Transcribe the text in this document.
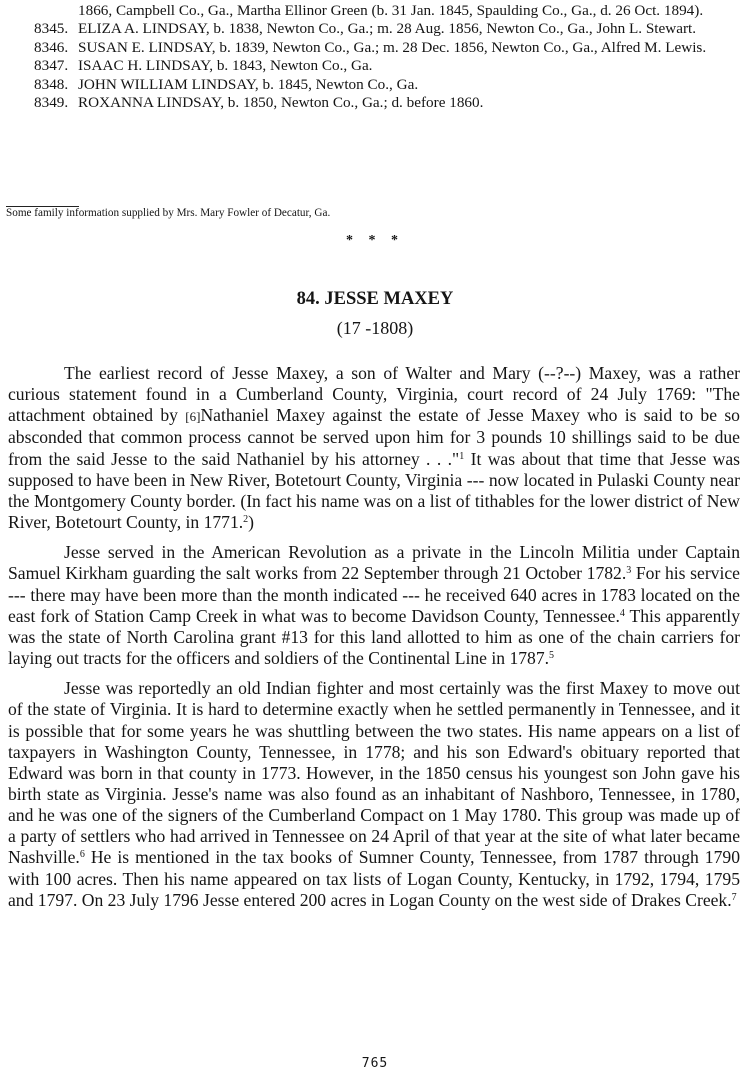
1866, Campbell Co., Ga., Martha Ellinor Green (b. 31 Jan. 1845, Spaulding Co., Ga., d. 26 Oct. 1894).

8345. ELIZA A. LINDSAY, b. 1838, Newton Co., Ga.; m. 28 Aug. 1856, Newton Co., Ga., John L. Stewart.

8346. SUSAN E. LINDSAY, b. 1839, Newton Co., Ga.; m. 28 Dec. 1856, Newton Co., Ga., Alfred M. Lewis.

8347. ISAAC H. LINDSAY, b. 1843, Newton Co., Ga.

8348. JOHN WILLIAM LINDSAY, b. 1845, Newton Co., Ga.

8349. ROXANNA LINDSAY, b. 1850, Newton Co., Ga.; d. before 1860.

Some family information supplied by Mrs. Mary Fowler of Decatur, Ga.
* * *
84. JESSE MAXEY
(17 -1808)

The earliest record of Jesse Maxey, a son of Walter and Mary (--?--) Maxey, was a rather curious statement found in a Cumberland County, Virginia, court record of 24 July 1769: "The attachment obtained by [6]Nathaniel Maxey against the estate of Jesse Maxey who is said to be so absconded that common process cannot be served upon him for 3 pounds 10 shillings said to be due from the said Jesse to the said Nathaniel by his attorney . . ."$^1$ It was about that time that Jesse was supposed to have been in New River, Botetourt County, Virginia --- now located in Pulaski County near the Montgomery County border. (In fact his name was on a list of tithables for the lower district of New River, Botetourt County, in 1771.$^2$)

Jesse served in the American Revolution as a private in the Lincoln Militia under Captain Samuel Kirkham guarding the salt works from 22 September through 21 October 1782.$^3$ For his service --- there may have been more than the month indicated --- he received 640 acres in 1783 located on the east fork of Station Camp Creek in what was to become Davidson County, Tennessee.$^4$ This apparently was the state of North Carolina grant #13 for this land allotted to him as one of the chain carriers for laying out tracts for the officers and soldiers of the Continental Line in 1787.$^5$

Jesse was reportedly an old Indian fighter and most certainly was the first Maxey to move out of the state of Virginia. It is hard to determine exactly when he settled permanently in Tennessee, and it is possible that for some years he was shuttling between the two states. His name appears on a list of taxpayers in Washington County, Tennessee, in 1778; and his son Edward's obituary reported that Edward was born in that county in 1773. However, in the 1850 census his youngest son John gave his birth state as Virginia. Jesse's name was also found as an inhabitant of Nashboro, Tennessee, in 1780, and he was one of the signers of the Cumberland Compact on 1 May 1780. This group was made up of a party of settlers who had arrived in Tennessee on 24 April of that year at the site of what later became Nashville.$^6$ He is mentioned in the tax books of Sumner County, Tennessee, from 1787 through 1790 with 100 acres. Then his name appeared on tax lists of Logan County, Kentucky, in 1792, 1794, 1795 and 1797. On 23 July 1796 Jesse entered 200 acres in Logan County on the west side of Drakes Creek.$^7$

765
